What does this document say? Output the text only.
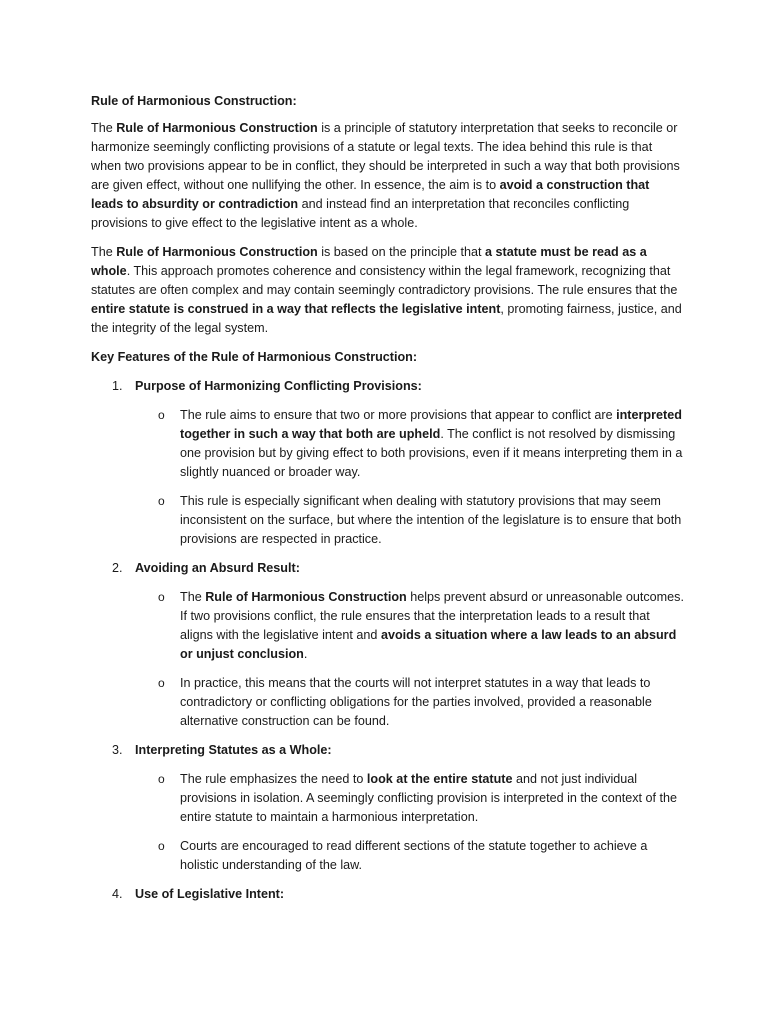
Rule of Harmonious Construction:

The Rule of Harmonious Construction is a principle of statutory interpretation that seeks to reconcile or harmonize seemingly conflicting provisions of a statute or legal texts. The idea behind this rule is that when two provisions appear to be in conflict, they should be interpreted in such a way that both provisions are given effect, without one nullifying the other. In essence, the aim is to avoid a construction that leads to absurdity or contradiction and instead find an interpretation that reconciles conflicting provisions to give effect to the legislative intent as a whole.

The Rule of Harmonious Construction is based on the principle that a statute must be read as a whole. This approach promotes coherence and consistency within the legal framework, recognizing that statutes are often complex and may contain seemingly contradictory provisions. The rule ensures that the entire statute is construed in a way that reflects the legislative intent, promoting fairness, justice, and the integrity of the legal system.

Key Features of the Rule of Harmonious Construction:
1. Purpose of Harmonizing Conflicting Provisions:
o The rule aims to ensure that two or more provisions that appear to conflict are interpreted together in such a way that both are upheld. The conflict is not resolved by dismissing one provision but by giving effect to both provisions, even if it means interpreting them in a slightly nuanced or broader way.
o This rule is especially significant when dealing with statutory provisions that may seem inconsistent on the surface, but where the intention of the legislature is to ensure that both provisions are respected in practice.
2. Avoiding an Absurd Result:
o The Rule of Harmonious Construction helps prevent absurd or unreasonable outcomes. If two provisions conflict, the rule ensures that the interpretation leads to a result that aligns with the legislative intent and avoids a situation where a law leads to an absurd or unjust conclusion.
o In practice, this means that the courts will not interpret statutes in a way that leads to contradictory or conflicting obligations for the parties involved, provided a reasonable alternative construction can be found.
3. Interpreting Statutes as a Whole:
o The rule emphasizes the need to look at the entire statute and not just individual provisions in isolation. A seemingly conflicting provision is interpreted in the context of the entire statute to maintain a harmonious interpretation.
o Courts are encouraged to read different sections of the statute together to achieve a holistic understanding of the law.
4. Use of Legislative Intent:
